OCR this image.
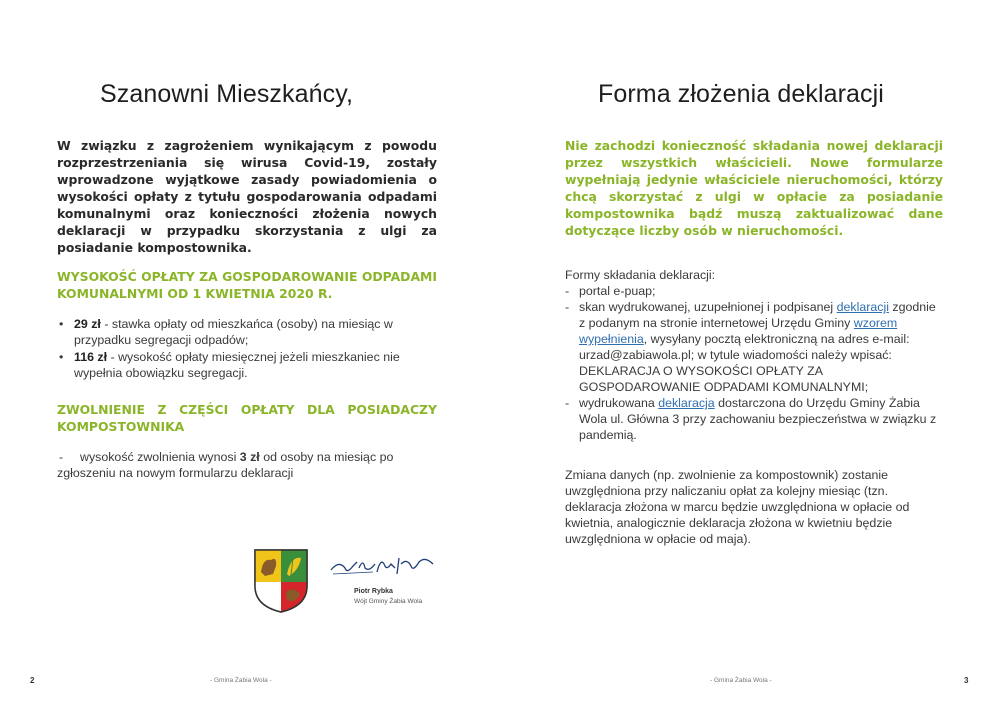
Szanowni Mieszkańcy,

W związku z zagrożeniem wynikającym z powodu rozprzestrzeniania się wirusa Covid-19, zostały wprowadzone wyjątkowe zasady powiadomienia o wysokości opłaty z tytułu gospodarowania odpadami komunalnymi oraz konieczności złożenia nowych deklaracji w przypadku skorzystania z ulgi za posiadanie kompostownika.

WYSOKOŚĆ OPŁATY ZA GOSPODAROWANIE ODPADAMI KOMUNALNYMI OD 1 KWIETNIA 2020 R.

• 29 zł - stawka opłaty od mieszkańca (osoby) na miesiąc w przypadku segregacji odpadów;
• 116 zł - wysokość opłaty miesięcznej jeżeli mieszkaniec nie wypełnia obowiązku segregacji.

ZWOLNIENIE Z CZĘŚCI OPŁATY DLA POSIADACZY KOMPOSTOWNIKA

- wysokość zwolnienia wynosi 3 zł od osoby na miesiąc po zgłoszeniu na nowym formularzu deklaracji

Piotr Rybka
Wójt Gminy Żabia Wola
2	- Gmina Żabia Wola -
Forma złożenia deklaracji

Nie zachodzi konieczność składania nowej deklaracji przez wszystkich właścicieli. Nowe formularze wypełniają jedynie właściciele nieruchomości, którzy chcą skorzystać z ulgi w opłacie za posiadanie kompostownika bądź muszą zaktualizować dane dotyczące liczby osób w nieruchomości.

Formy składania deklaracji:

- portal e-puap;
- skan wydrukowanej, uzupełnionej i podpisanej deklaracji zgodnie z podanym na stronie internetowej Urzędu Gminy wzorem wypełnienia, wysyłany pocztą elektroniczną na adres e-mail: urzad@zabiawola.pl; w tytule wiadomości należy wpisać: DEKLARACJA O WYSOKOŚCI OPŁATY ZA GOSPODAROWANIE ODPADAMI KOMUNALNYMI;
- wydrukowana deklaracja dostarczona do Urzędu Gminy Żabia Wola ul. Główna 3 przy zachowaniu bezpieczeństwa w związku z pandemią.

Zmiana danych (np. zwolnienie za kompostownik) zostanie uwzględniona przy naliczaniu opłat za kolejny miesiąc (tzn. deklaracja złożona w marcu będzie uwzględniona w opłacie od kwietnia, analogicznie deklaracja złożona w kwietniu będzie uwzględniona w opłacie od maja).

3
- Gmina Żabia Wola -
